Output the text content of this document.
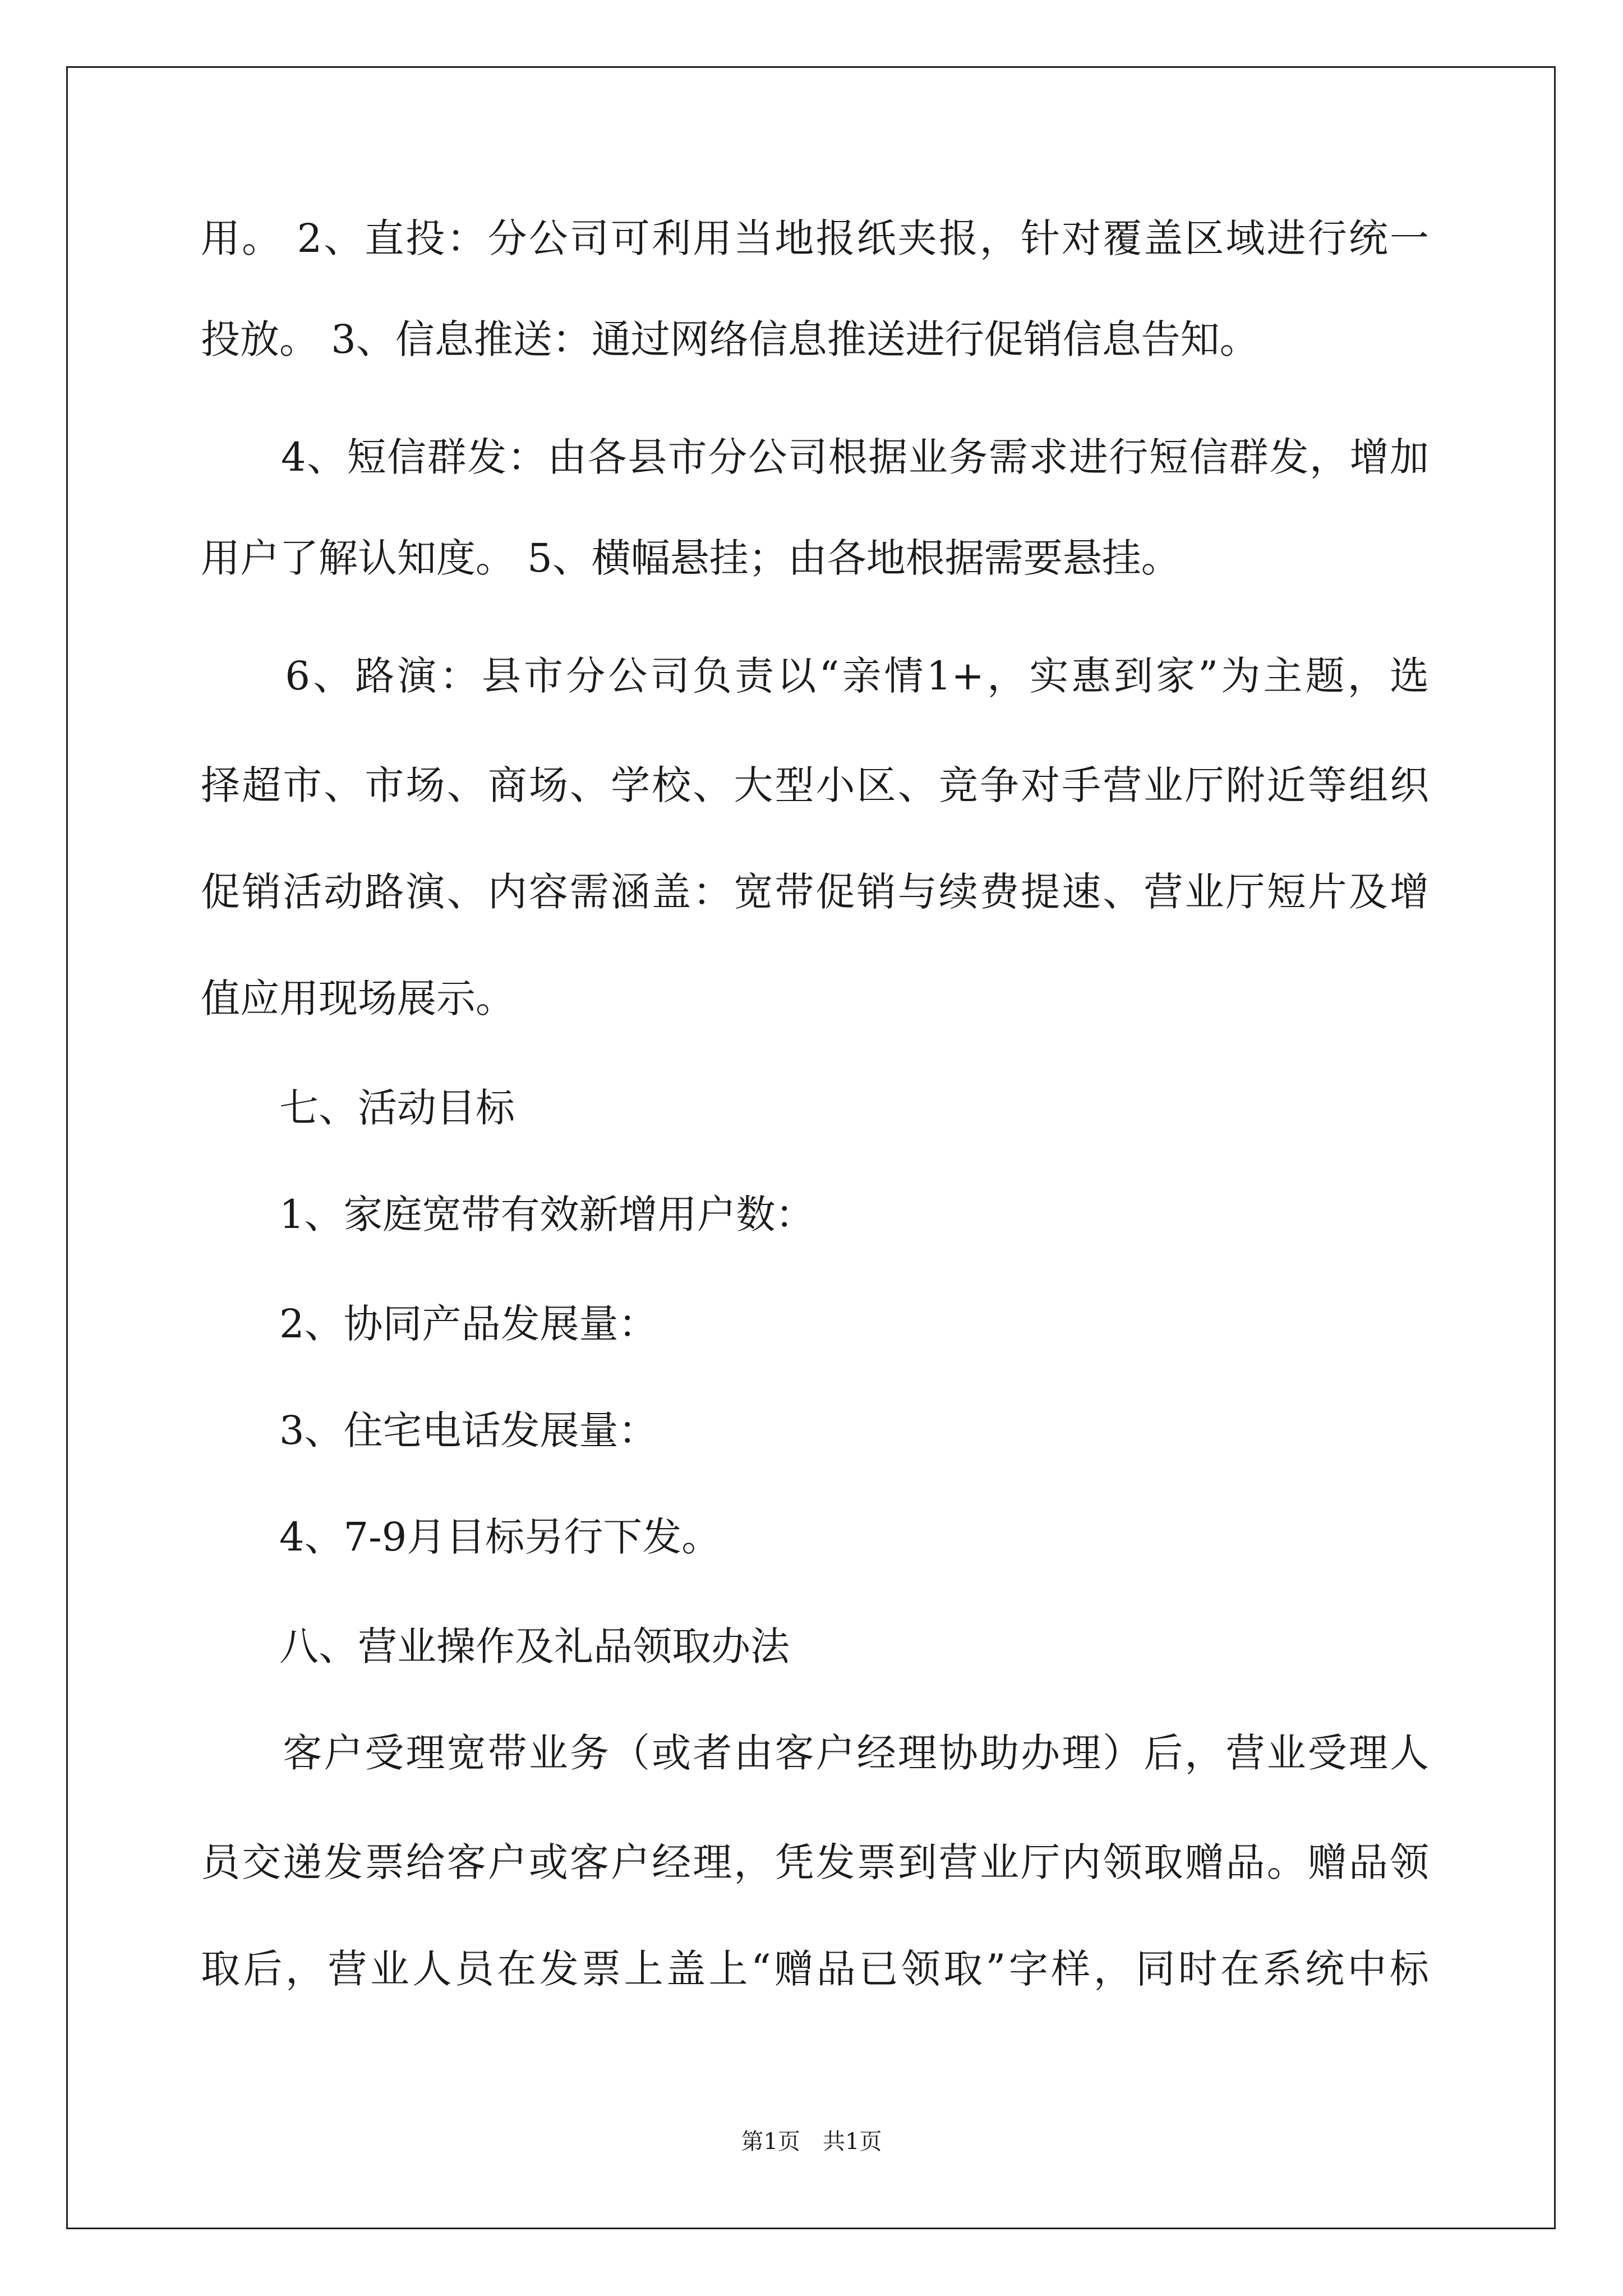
用。 2、直投：分公司可利用当地报纸夹报，针对覆盖区域进行统一
投放。 3、信息推送：通过网络信息推送进行促销信息告知。
　　4、短信群发：由各县市分公司根据业务需求进行短信群发，增加
用户了解认知度。 5、横幅悬挂；由各地根据需要悬挂。
　　6、路演：县市分公司负责以“亲情1+，实惠到家”为主题，选
择超市、市场、商场、学校、大型小区、竞争对手营业厅附近等组织
促销活动路演、内容需涵盖：宽带促销与续费提速、营业厅短片及增
值应用现场展示。
　　七、活动目标
　　1、家庭宽带有效新增用户数：
　　2、协同产品发展量：
　　3、住宅电话发展量：
　　4、7-9月目标另行下发。
　　八、营业操作及礼品领取办法
　　客户受理宽带业务（或者由客户经理协助办理）后，营业受理人
员交递发票给客户或客户经理，凭发票到营业厅内领取赠品。赠品领
取后，营业人员在发票上盖上“赠品已领取”字样，同时在系统中标
第1页　共1页
